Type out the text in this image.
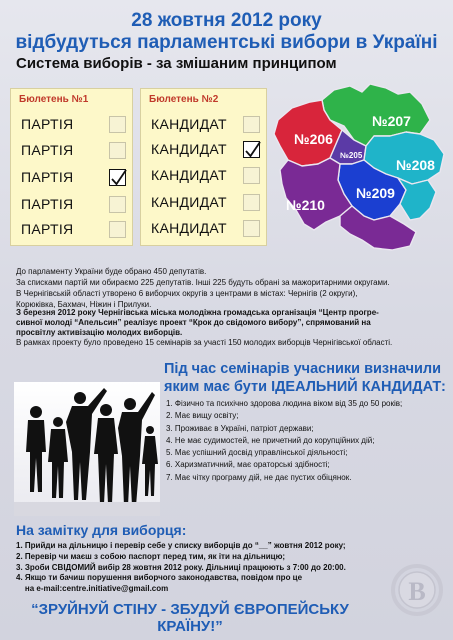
28 жовтня 2012 року
відбудуться парламентські вибори в Україні
Система виборів - за змішаним принципом
Бюлетень №1
ПАРТІЯ
ПАРТІЯ
ПАРТІЯ
ПАРТІЯ
ПАРТІЯ
Бюлетень №2
КАНДИДАТ
КАНДИДАТ
КАНДИДАТ
КАНДИДАТ
КАНДИДАТ
№206
№207
№205
№208
№209
№210
До парламенту України буде обрано 450 депутатів.
За списками партій ми обираємо 225 депутатів. Інші 225 будуть обрані за мажоритарними округами.
В Чернігівській області утворено 6 виборчих округів з центрами в містах: Чернігів (2 округи),
Корюківка, Бахмач, Ніжин і Прилуки.
З березня 2012 року Чернігівська міська молодіжна громадська організація “Центр прогре-
сивної молоді “Апельсин” реалізує проект “Крок до свідомого вибору”, спрямований на
просвітлу активізацію молодих виборців.
В рамках проекту було проведено 15 семінарів за участі 150 молодих виборців Чернігівської області.
Під час семінарів учасники визначили
яким має бути ІДЕАЛЬНИЙ КАНДИДАТ:
1. Фізично та психічно здорова людина віком від 35 до 50 років;
2. Має вищу освіту;
3. Проживає в Україні, патріот держави;
4. Не має судимостей, не причетний до корупційних дій;
5. Має успішний досвід управлінської діяльності;
6. Харизматичний, має ораторські здібності;
7. Має чітку програму дій, не дає пустих обіцянок.
На замітку для виборця:
1. Прийди на дільницю і перевір себе у списку виборців до “__” жовтня 2012 року;
2. Перевір чи маєш з собою паспорт перед тим, як іти на дільницю;
3. Зроби СВІДОМИЙ вибір 28 жовтня 2012 року. Дільниці працюють з 7:00 до 20:00.
4. Якщо ти бачиш порушення виборчого законодавства, повідом про це
на e-mail:centre.initiative@gmail.com
“ЗРУЙНУЙ СТІНУ - ЗБУДУЙ ЄВРОПЕЙСЬКУ КРАЇНУ!”
В
